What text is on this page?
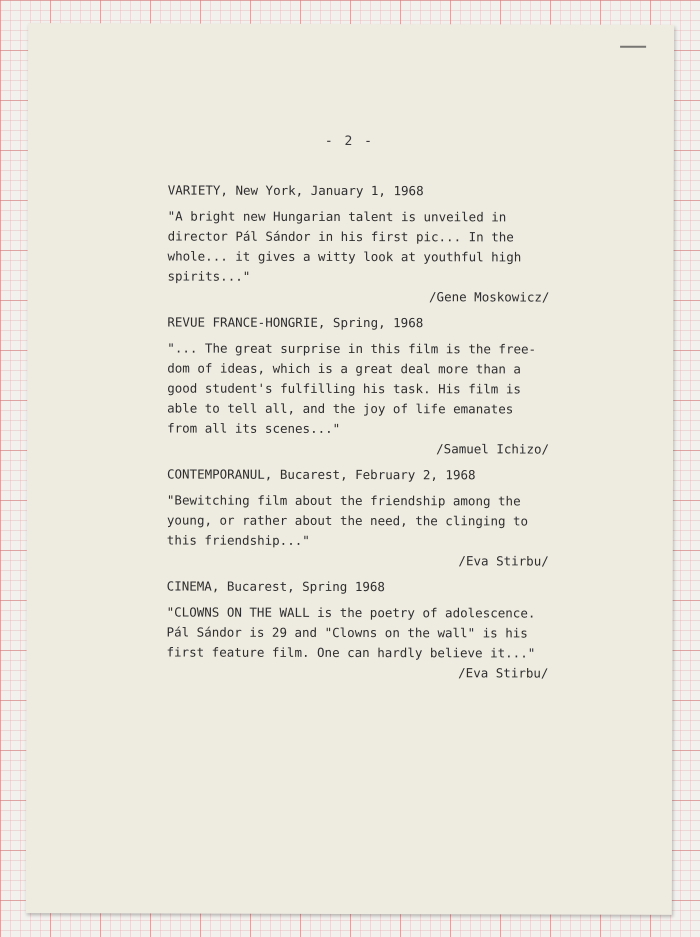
- 2 -

VARIETY, New York, January 1, 1968

"A bright new Hungarian talent is unveiled in
director Pál Sándor in his first pic... In the
whole... it gives a witty look at youthful high
spirits..."

/Gene Moskowicz/

REVUE FRANCE-HONGRIE, Spring, 1968

"... The great surprise in this film is the free-
dom of ideas, which is a great deal more than a
good student's fulfilling his task. His film is
able to tell all, and the joy of life emanates
from all its scenes..."

/Samuel Ichizo/

CONTEMPORANUL, Bucarest, February 2, 1968

"Bewitching film about the friendship among the
young, or rather about the need, the clinging to
this friendship..."

/Eva Stirbu/

CINEMA, Bucarest, Spring 1968

"CLOWNS ON THE WALL is the poetry of adolescence.
Pál Sándor is 29 and "Clowns on the wall" is his
first feature film. One can hardly believe it..."

/Eva Stirbu/
